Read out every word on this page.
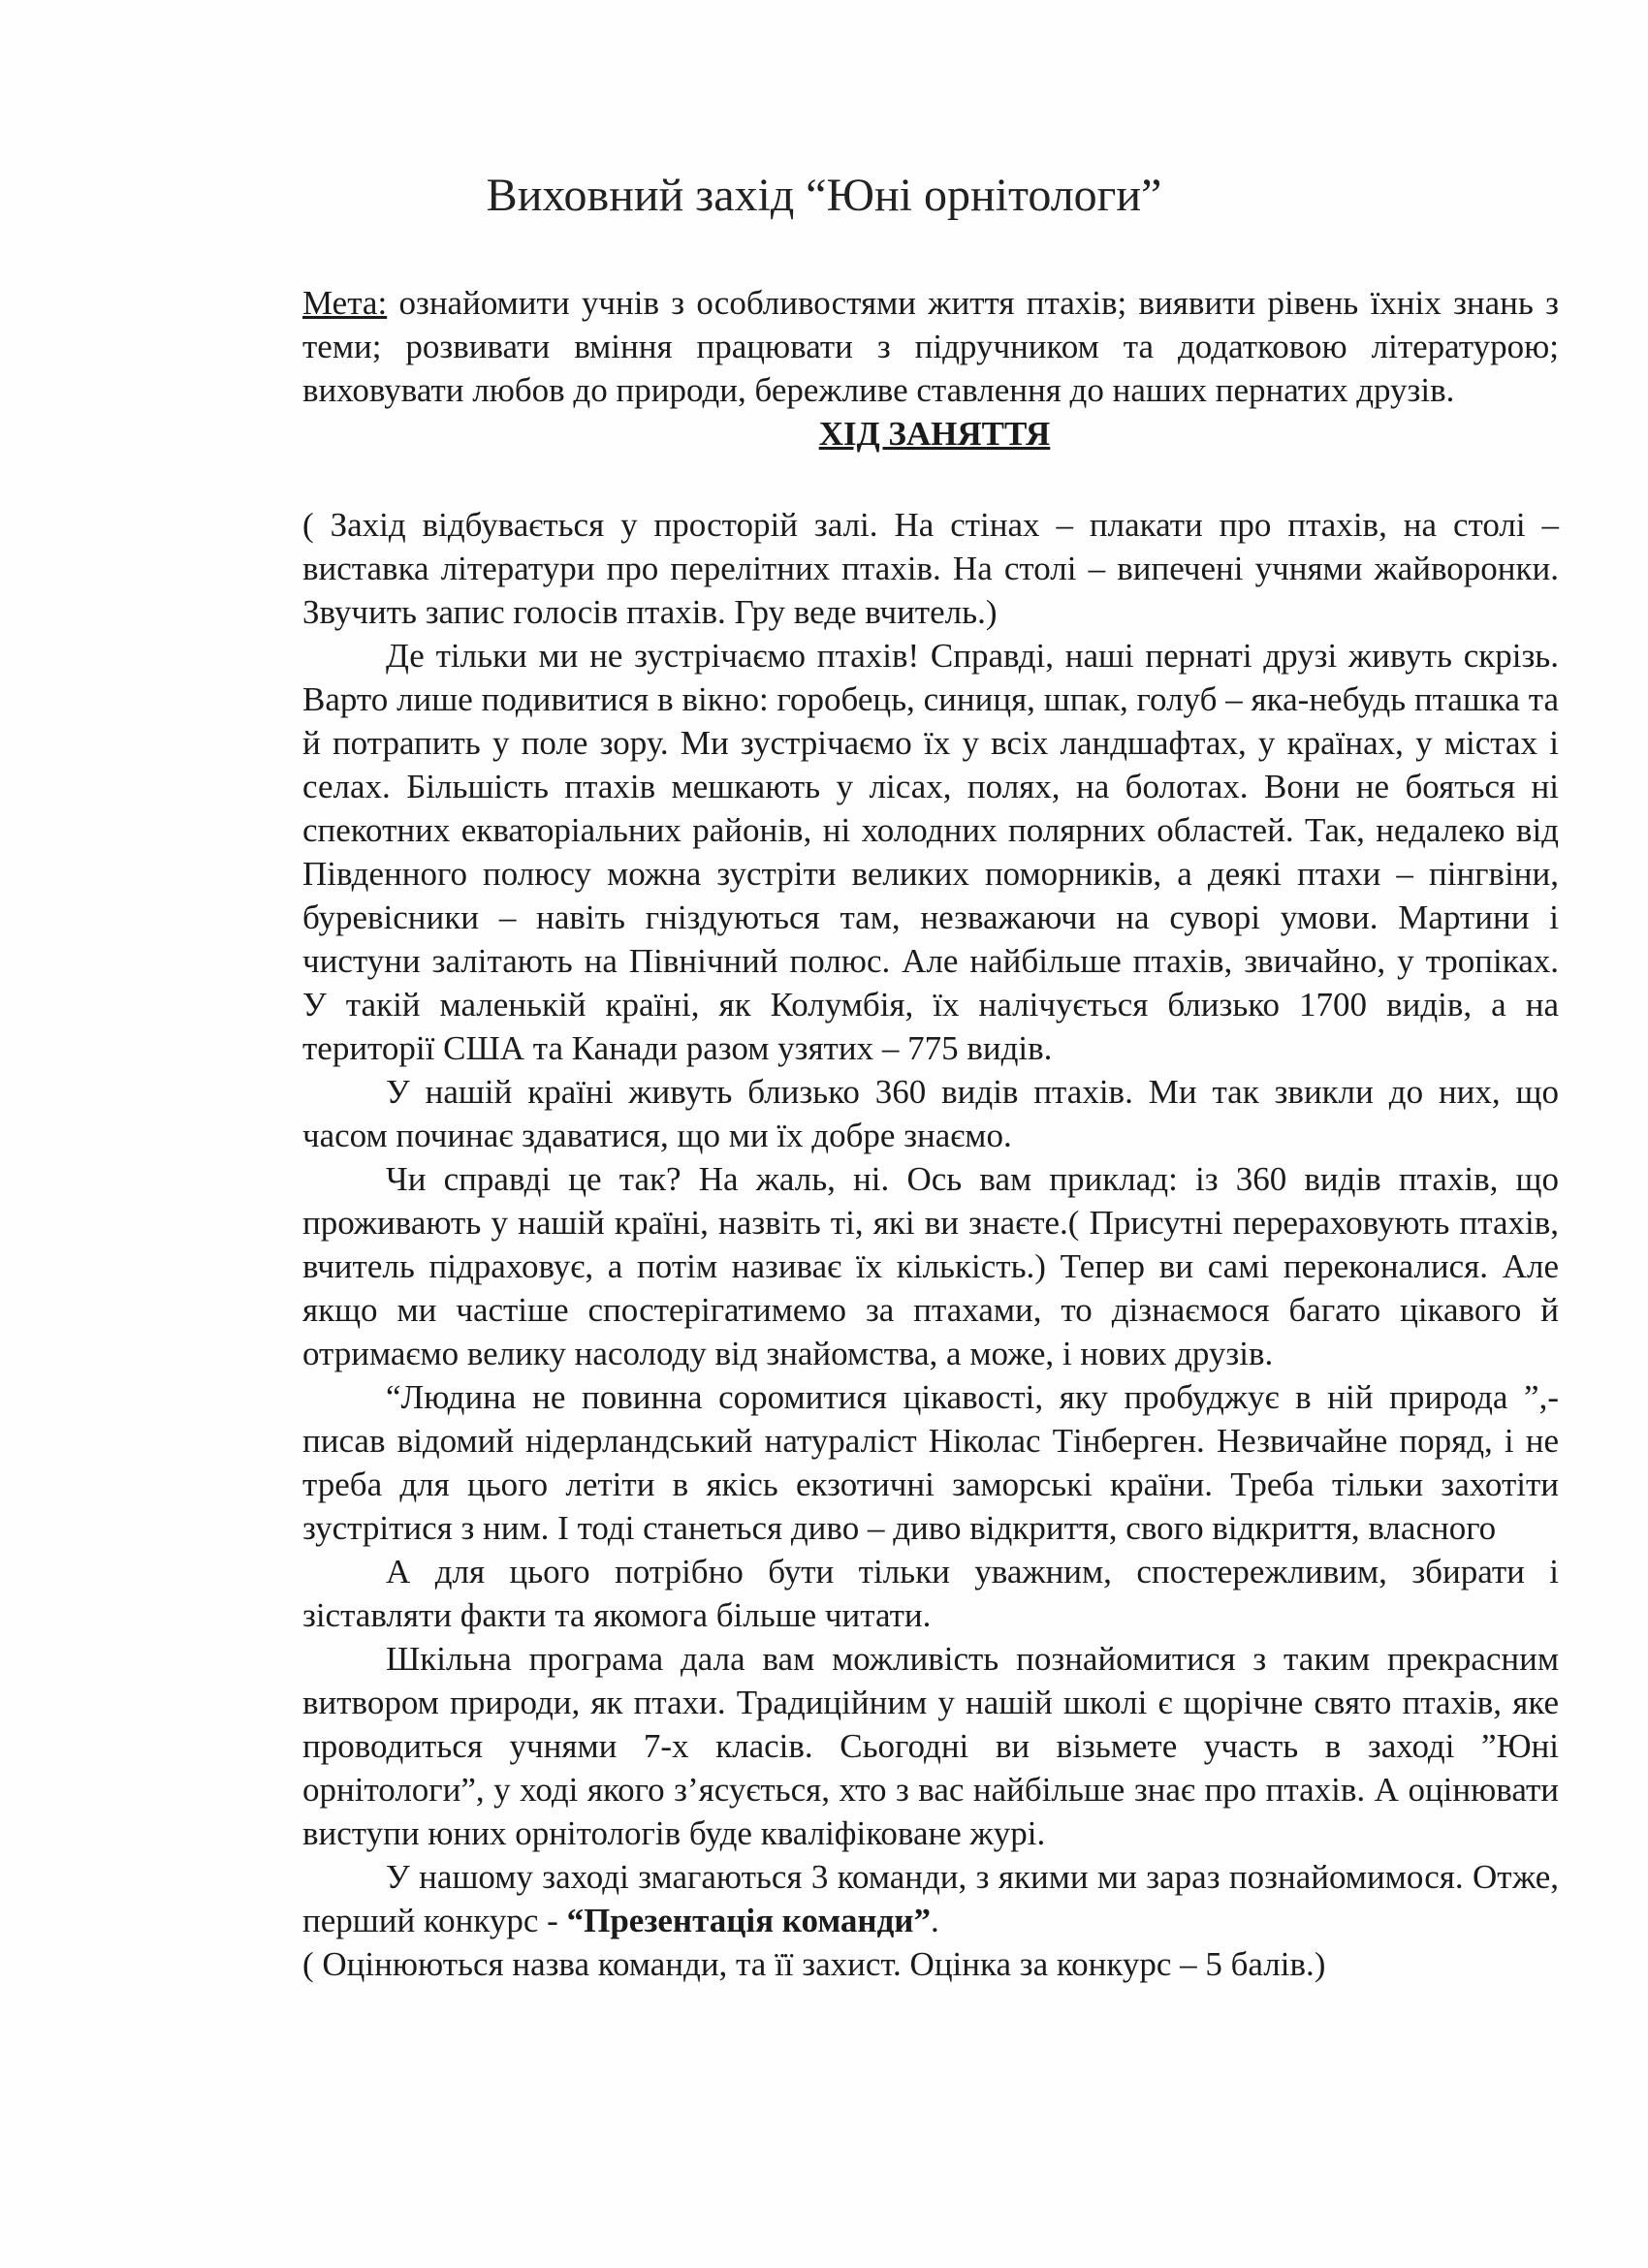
Виховний захід “Юні орнітологи”

Мета: ознайомити учнів з особливостями життя птахів; виявити рівень їхніх знань з теми; розвивати вміння працювати з підручником та додатковою літературою; виховувати любов до природи, бережливе ставлення до наших пернатих друзів.

ХІД ЗАНЯТТЯ

( Захід відбувається у просторій залі. На стінах – плакати про птахів, на столі – виставка літератури про перелітних птахів. На столі – випечені учнями жайворонки. Звучить запис голосів птахів. Гру веде вчитель.)

Де тільки ми не зустрічаємо птахів! Справді, наші пернаті друзі живуть скрізь. Варто лише подивитися в вікно: горобець, синиця, шпак, голуб – яка-небудь пташка та й потрапить у поле зору. Ми зустрічаємо їх у всіх ландшафтах, у країнах, у містах і селах. Більшість птахів мешкають у лісах, полях, на болотах. Вони не бояться ні спекотних екваторіальних районів, ні холодних полярних областей. Так, недалеко від Південного полюсу можна зустріти великих поморників, а деякі птахи – пінгвіни, буревісники – навіть гніздуються там, незважаючи на суворі умови. Мартини і чистуни залітають на Північний полюс. Але найбільше птахів, звичайно, у тропіках. У такій маленькій країні, як Колумбія, їх налічується близько 1700 видів, а на території США та Канади разом узятих – 775 видів.

У нашій країні живуть близько 360 видів птахів. Ми так звикли до них, що часом починає здаватися, що ми їх добре знаємо.

Чи справді це так? На жаль, ні. Ось вам приклад: із 360 видів птахів, що проживають у нашій країні, назвіть ті, які ви знаєте.( Присутні перераховують птахів, вчитель підраховує, а потім називає їх кількість.) Тепер ви самі переконалися. Але якщо ми частіше спостерігатимемо за птахами, то дізнаємося багато цікавого й отримаємо велику насолоду від знайомства, а може, і нових друзів.

“Людина не повинна соромитися цікавості, яку пробуджує в ній природа ”,- писав відомий нідерландський натураліст Ніколас Тінберген. Незвичайне поряд, і не треба для цього летіти в якісь екзотичні заморські країни. Треба тільки захотіти зустрітися з ним. І тоді станеться диво – диво відкриття, свого відкриття, власного

А для цього потрібно бути тільки уважним, спостережливим, збирати і зіставляти факти та якомога більше читати.

Шкільна програма дала вам можливість познайомитися з таким прекрасним витвором природи, як птахи. Традиційним у нашій школі є щорічне свято птахів, яке проводиться учнями 7-х класів. Сьогодні ви візьмете участь в заході ”Юні орнітологи”, у ході якого з’ясується, хто з вас найбільше знає про птахів. А оцінювати виступи юних орнітологів буде кваліфіковане журі.

У нашому заході змагаються 3 команди, з якими ми зараз познайомимося. Отже, перший конкурс - “Презентація команди”.

( Оцінюються назва команди, та її захист. Оцінка за конкурс – 5 балів.)
